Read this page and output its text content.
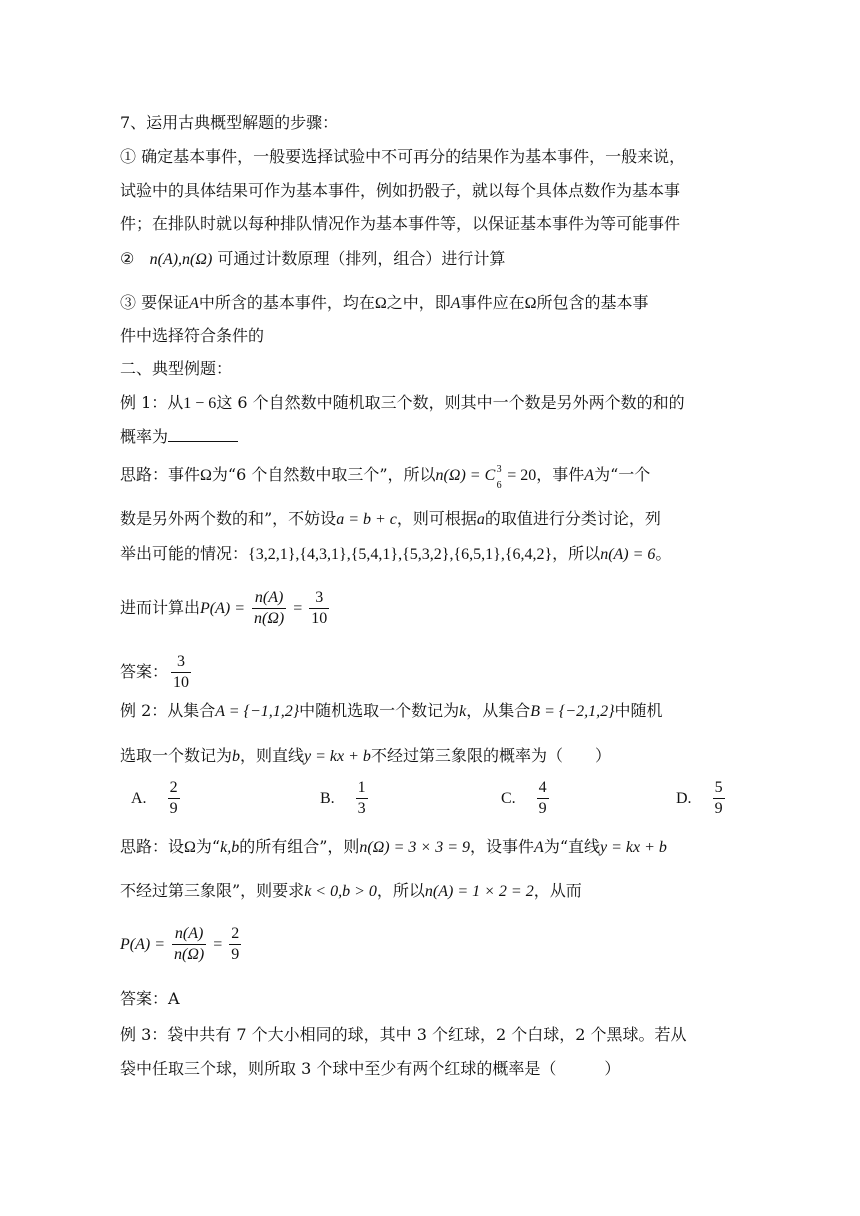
7、运用古典概型解题的步骤：
① 确定基本事件，一般要选择试验中不可再分的结果作为基本事件，一般来说，
试验中的具体结果可作为基本事件，例如扔骰子，就以每个具体点数作为基本事
件；在排队时就以每种排队情况作为基本事件等，以保证基本事件为等可能事件
② n(A),n(Ω) 可通过计数原理（排列，组合）进行计算
③ 要保证A中所含的基本事件，均在Ω之中，即A事件应在Ω所包含的基本事
件中选择符合条件的
二、典型例题：
例 1：从1 − 6这 6 个自然数中随机取三个数，则其中一个数是另外两个数的和的
概率为
思路：事件Ω为“6 个自然数中取三个”，所以n(Ω) = C 3
6
= 20，事件A为“一个
数是另外两个数的和”，不妨设a = b + c，则可根据a的取值进行分类讨论，列
举出可能的情况：{3,2,1},{4,3,1},{5,4,1},{5,3,2},{6,5,1},{6,4,2}，所以n(A) = 6。
进而计算出$P(A) = \frac{n(A)}{n(\Omega)} = \frac{3}{10}$
答案： $\frac{3}{10}$
例 2：从集合A = {−1,1,2}中随机选取一个数记为k，从集合B = {−2,1,2}中随机
选取一个数记为b，则直线y = kx + b不经过第三象限的概率为（　　）
A. $\frac{2}{9}$	B. $\frac{1}{3}$	C. $\frac{4}{9}$	D. $\frac{5}{9}$
思路：设Ω为“k,b的所有组合”，则n(Ω) = 3 × 3 = 9，设事件A为“直线y = kx + b
不经过第三象限”，则要求k < 0,b > 0，所以n(A) = 1 × 2 = 2，从而
$P(A) = \frac{n(A)}{n(\Omega)} = \frac{2}{9}$
答案：A
例 3：袋中共有 7 个大小相同的球，其中 3 个红球，2 个白球，2 个黑球。若从
袋中任取三个球，则所取 3 个球中至少有两个红球的概率是（　　　）
